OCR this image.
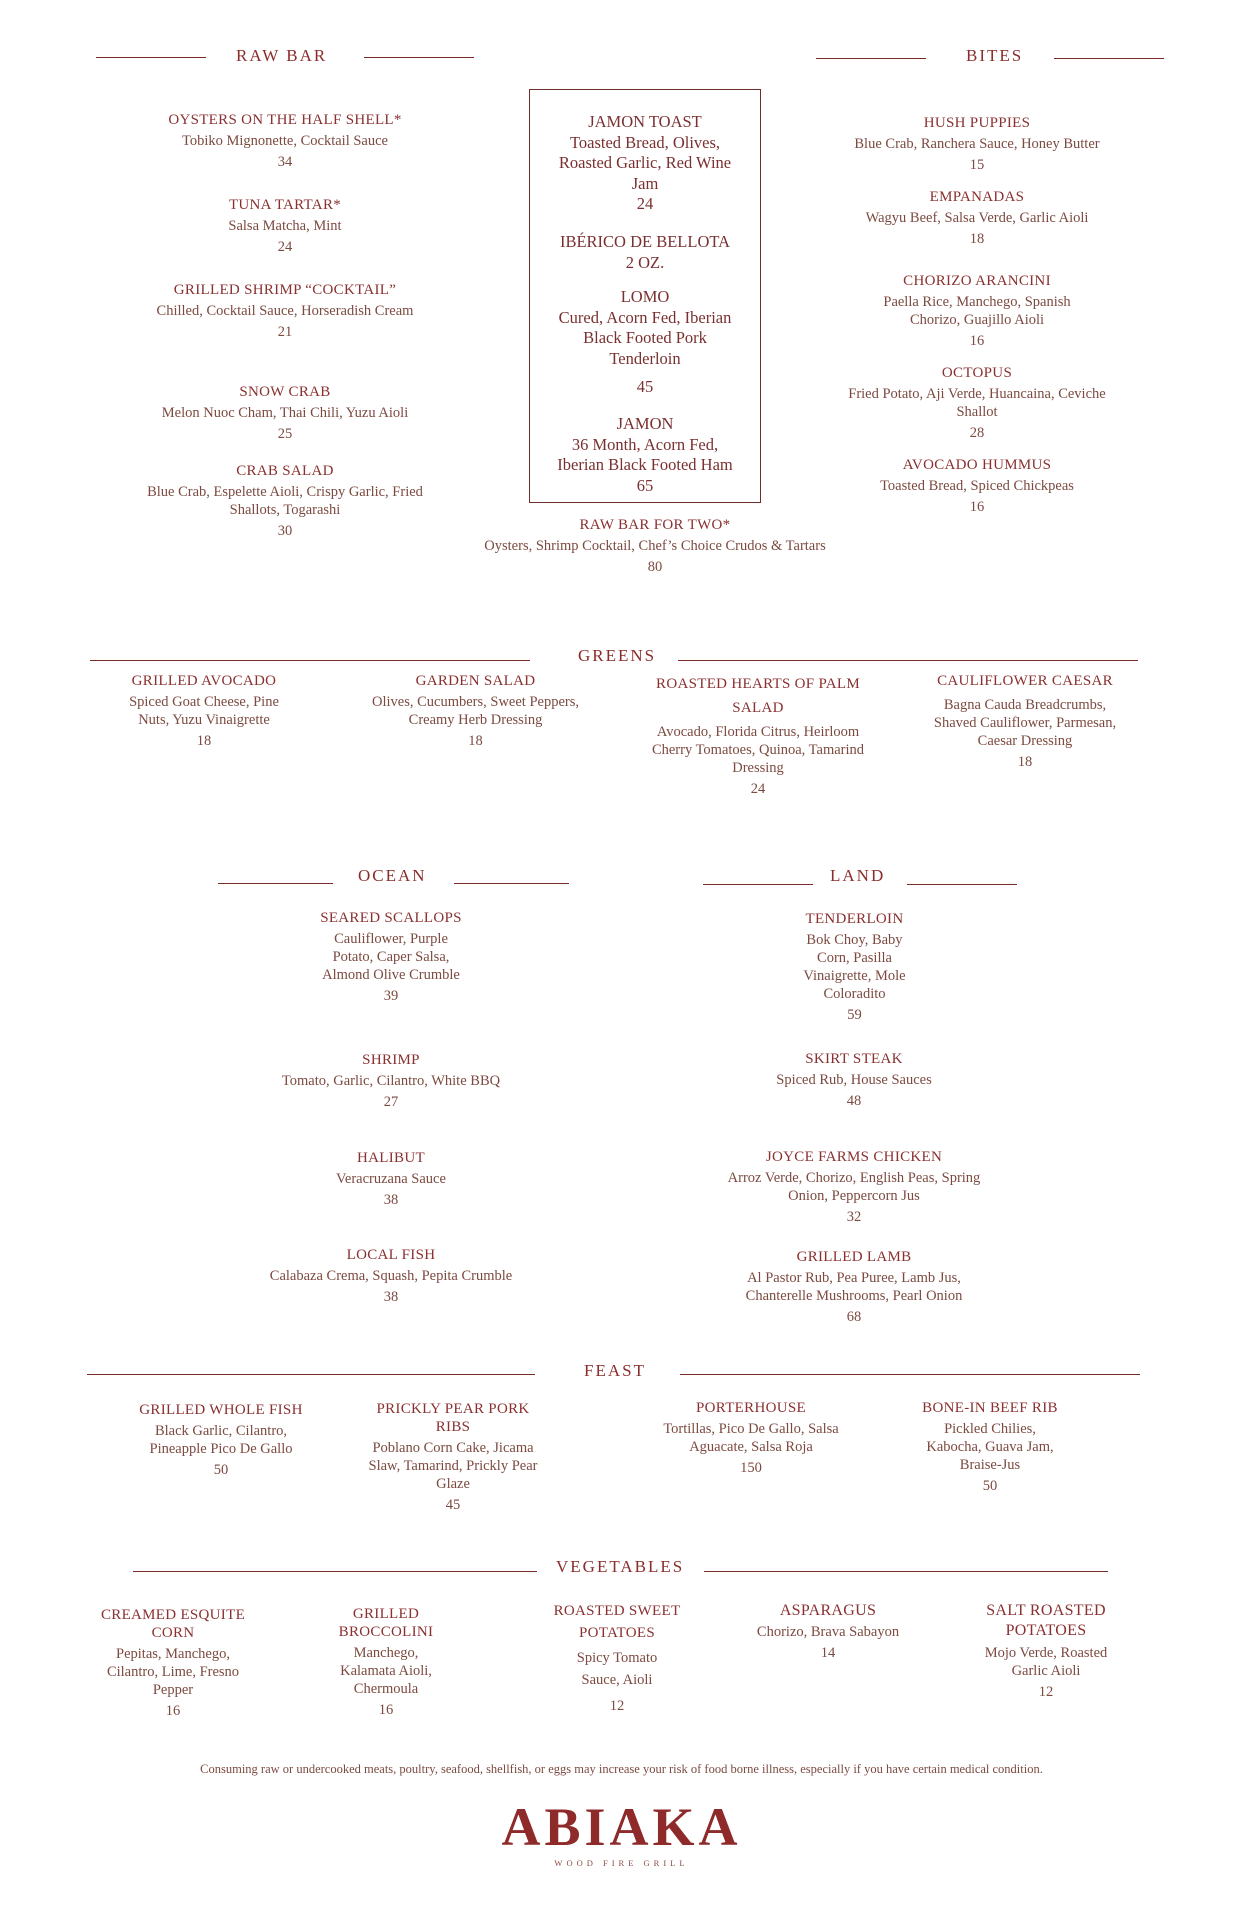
RAW BAR
OYSTERS ON THE HALF SHELL*
Tobiko Mignonette, Cocktail Sauce
34
TUNA TARTAR*
Salsa Matcha, Mint
24
GRILLED SHRIMP “COCKTAIL”
Chilled, Cocktail Sauce, Horseradish Cream
21
SNOW CRAB
Melon Nuoc Cham, Thai Chili, Yuzu Aioli
25
CRAB SALAD
Blue Crab, Espelette Aioli, Crispy Garlic, Fried Shallots, Togarashi
30
JAMON TOAST
Toasted Bread, Olives, Roasted Garlic, Red Wine Jam
24
IBÉRICO DE BELLOTA
2 OZ.
LOMO
Cured, Acorn Fed, Iberian Black Footed Pork Tenderloin
45
JAMON
36 Month, Acorn Fed, Iberian Black Footed Ham
65
RAW BAR FOR TWO*
Oysters, Shrimp Cocktail, Chef’s Choice Crudos & Tartars
80
BITES
HUSH PUPPIES
Blue Crab, Ranchera Sauce, Honey Butter
15
EMPANADAS
Wagyu Beef, Salsa Verde, Garlic Aioli
18
CHORIZO ARANCINI
Paella Rice, Manchego, Spanish Chorizo, Guajillo Aioli
16
OCTOPUS
Fried Potato, Aji Verde, Huancaina, Ceviche Shallot
28
AVOCADO HUMMUS
Toasted Bread, Spiced Chickpeas
16
GREENS
GRILLED AVOCADO
Spiced Goat Cheese, Pine Nuts, Yuzu Vinaigrette
18
GARDEN SALAD
Olives, Cucumbers, Sweet Peppers, Creamy Herb Dressing
18
ROASTED HEARTS OF PALM SALAD
Avocado, Florida Citrus, Heirloom Cherry Tomatoes, Quinoa, Tamarind Dressing
24
CAULIFLOWER CAESAR
Bagna Cauda Breadcrumbs, Shaved Cauliflower, Parmesan, Caesar Dressing
18
OCEAN
SEARED SCALLOPS
Cauliflower, Purple Potato, Caper Salsa, Almond Olive Crumble
39
SHRIMP
Tomato, Garlic, Cilantro, White BBQ
27
HALIBUT
Veracruzana Sauce
38
LOCAL FISH
Calabaza Crema, Squash, Pepita Crumble
38
LAND
TENDERLOIN
Bok Choy, Baby Corn, Pasilla Vinaigrette, Mole Coloradito
59
SKIRT STEAK
Spiced Rub, House Sauces
48
JOYCE FARMS CHICKEN
Arroz Verde, Chorizo, English Peas, Spring Onion, Peppercorn Jus
32
GRILLED LAMB
Al Pastor Rub, Pea Puree, Lamb Jus, Chanterelle Mushrooms, Pearl Onion
68
FEAST
GRILLED WHOLE FISH
Black Garlic, Cilantro, Pineapple Pico De Gallo
50
PRICKLY PEAR PORK RIBS
Poblano Corn Cake, Jicama Slaw, Tamarind, Prickly Pear Glaze
45
PORTERHOUSE
Tortillas, Pico De Gallo, Salsa Aguacate, Salsa Roja
150
BONE-IN BEEF RIB
Pickled Chilies, Kabocha, Guava Jam, Braise-Jus
50
VEGETABLES
CREAMED ESQUITE CORN
Pepitas, Manchego, Cilantro, Lime, Fresno Pepper
16
GRILLED BROCCOLINI
Manchego, Kalamata Aioli, Chermoula
16
ROASTED SWEET POTATOES
Spicy Tomato Sauce, Aioli
12
ASPARAGUS
Chorizo, Brava Sabayon
14
SALT ROASTED POTATOES
Mojo Verde, Roasted Garlic Aioli
12
Consuming raw or undercooked meats, poultry, seafood, shellfish, or eggs may increase your risk of food borne illness, especially if you have certain medical condition.
ABIAKA
WOOD FIRE GRILL
